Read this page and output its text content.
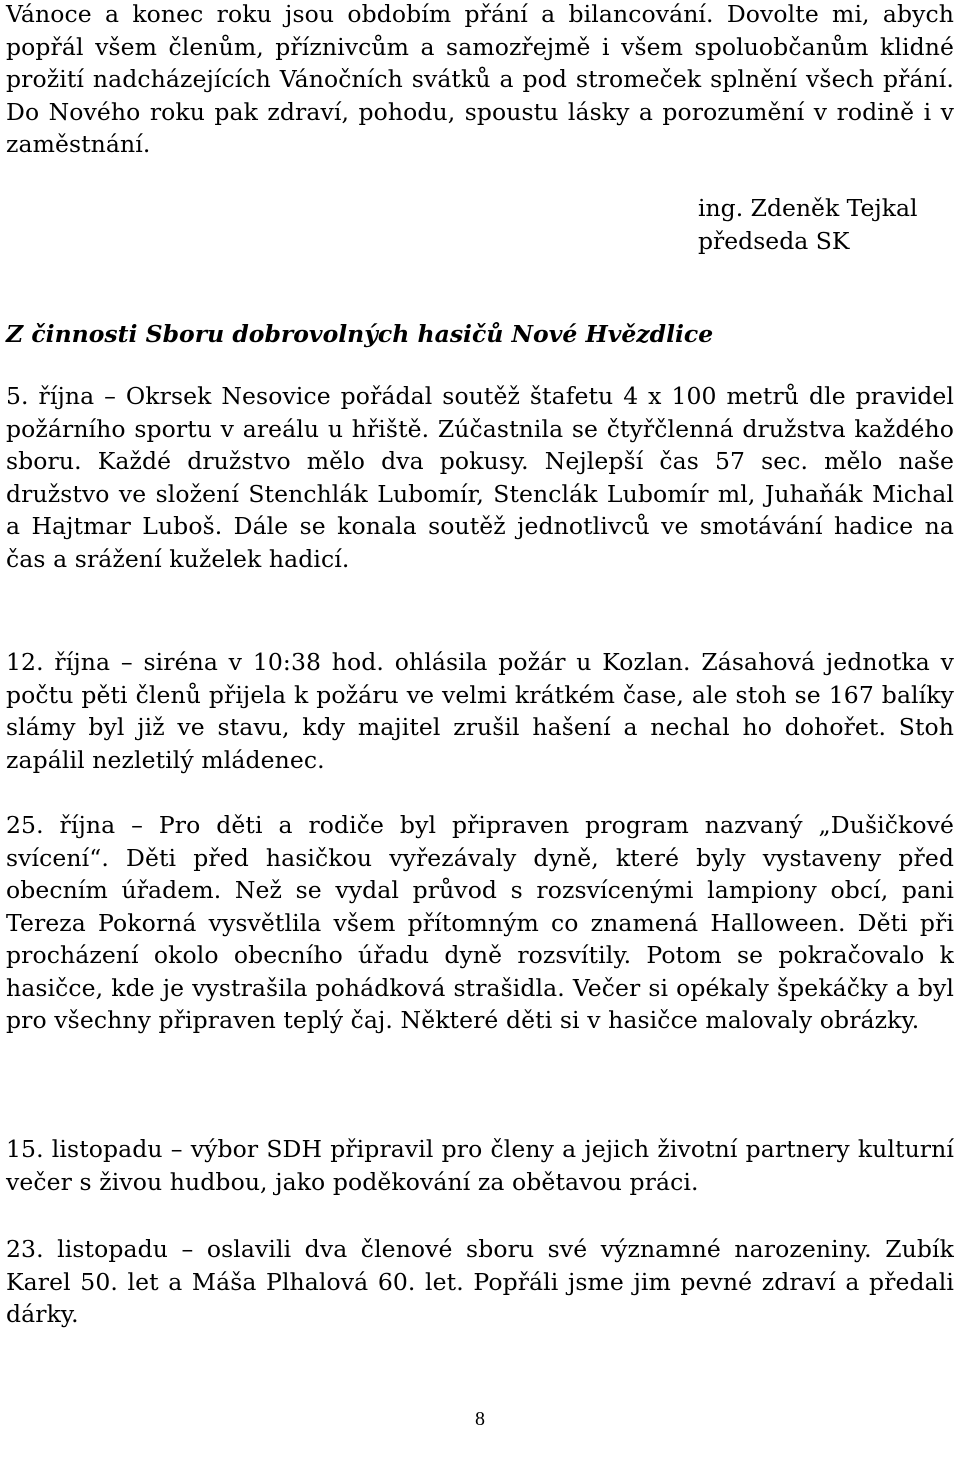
Vánoce a konec roku jsou obdobím přání a bilancování. Dovolte mi, abych popřál všem členům, příznivcům a samozřejmě i všem spoluobčanům klidné prožití nadcházejících Vánočních svátků a pod stromeček splnění všech přání. Do Nového roku pak zdraví, pohodu, spoustu lásky a porozumění v rodině i v zaměstnání.

ing. Zdeněk Tejkal
předseda SK
Z činnosti Sboru dobrovolných hasičů Nové Hvězdlice

5. října – Okrsek Nesovice pořádal soutěž štafetu 4 x 100 metrů dle pravidel požárního sportu v areálu u hřiště. Zúčastnila se čtyřčlenná družstva každého sboru. Každé družstvo mělo dva pokusy. Nejlepší čas 57 sec. mělo naše družstvo ve složení Stenchlák Lubomír, Stenclák Lubomír ml, Juhaňák Michal a Hajtmar Luboš. Dále se konala soutěž jednotlivců ve smotávání hadice na čas a srážení kuželek hadicí.

12. října – siréna v 10:38 hod. ohlásila požár u Kozlan. Zásahová jednotka v počtu pěti členů přijela k požáru ve velmi krátkém čase, ale stoh se 167 balíky slámy byl již ve stavu, kdy majitel zrušil hašení a nechal ho dohořet. Stoh zapálil nezletilý mládenec.

25. října – Pro děti a rodiče byl připraven program nazvaný „Dušičkové svícení“. Děti před hasičkou vyřezávaly dyně, které byly vystaveny před obecním úřadem. Než se vydal průvod s rozsvícenými lampiony obcí, pani Tereza Pokorná vysvětlila všem přítomným co znamená Halloween. Děti při procházení okolo obecního úřadu dyně rozsvítily. Potom se pokračovalo k hasičce, kde je vystrašila pohádková strašidla. Večer si opékaly špekáčky a byl pro všechny připraven teplý čaj. Některé děti si v hasičce malovaly obrázky.

15. listopadu – výbor SDH připravil pro členy a jejich životní partnery kulturní večer s živou hudbou, jako poděkování za obětavou práci.

23. listopadu – oslavili dva členové sboru své významné narozeniny. Zubík Karel 50. let a Máša Plhalová 60. let. Popřáli jsme jim pevné zdraví a předali dárky.

8
